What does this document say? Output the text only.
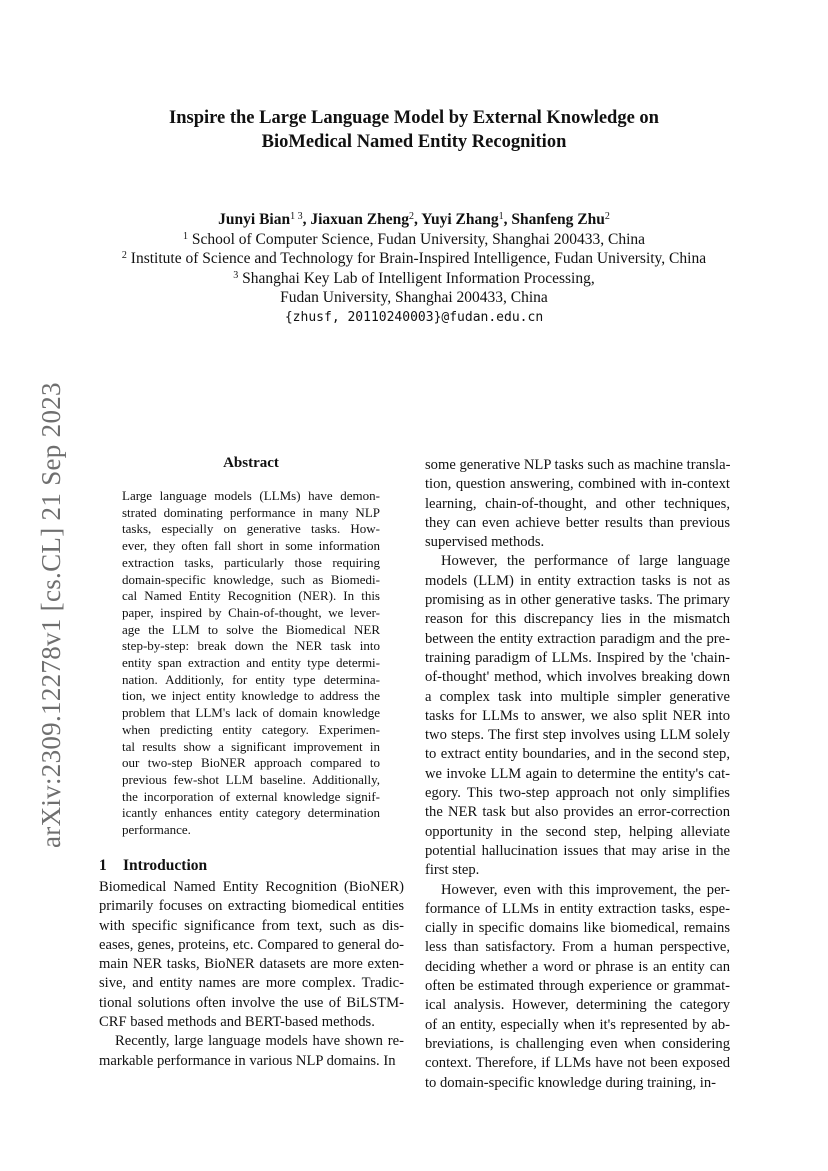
Inspire the Large Language Model by External Knowledge on
BioMedical Named Entity Recognition
Junyi Bian$^{1 3}$, Jiaxuan Zheng$^2$, Yuyi Zhang$^1$, Shanfeng Zhu$^2$
$^1$ School of Computer Science, Fudan University, Shanghai 200433, China
$^2$ Institute of Science and Technology for Brain-Inspired Intelligence, Fudan University, China
$^3$ Shanghai Key Lab of Intelligent Information Processing,
Fudan University, Shanghai 200433, China
{zhusf, 20110240003}@fudan.edu.cn
arXiv:2309.12278v1 [cs.CL] 21 Sep 2023	Abstract
Large language models (LLMs) have demon-
strated dominating performance in many NLP
tasks, especially on generative tasks. How-
ever, they often fall short in some information
extraction tasks, particularly those requiring
domain-specific knowledge, such as Biomedi-
cal Named Entity Recognition (NER). In this
paper, inspired by Chain-of-thought, we lever-
age the LLM to solve the Biomedical NER
step-by-step: break down the NER task into
entity span extraction and entity type determi-
nation. Additionly, for entity type determina-
tion, we inject entity knowledge to address the
problem that LLM's lack of domain knowledge
when predicting entity category. Experimen-
tal results show a significant improvement in
our two-step BioNER approach compared to
previous few-shot LLM baseline. Additionally,
the incorporation of external knowledge signif-
icantly enhances entity category determination
performance.
1 Introduction
Biomedical Named Entity Recognition (BioNER)
primarily focuses on extracting biomedical entities
with specific significance from text, such as dis-
eases, genes, proteins, etc. Compared to general do-
main NER tasks, BioNER datasets are more exten-
sive, and entity names are more complex. Tradic-
tional solutions often involve the use of BiLSTM-
CRF based methods and BERT-based methods.
Recently, large language models have shown re-
markable performance in various NLP domains. In
some generative NLP tasks such as machine transla-
tion, question answering, combined with in-context
learning, chain-of-thought, and other techniques,
they can even achieve better results than previous
supervised methods.
However, the performance of large language
models (LLM) in entity extraction tasks is not as
promising as in other generative tasks. The primary
reason for this discrepancy lies in the mismatch
between the entity extraction paradigm and the pre-
training paradigm of LLMs. Inspired by the 'chain-
of-thought' method, which involves breaking down
a complex task into multiple simpler generative
tasks for LLMs to answer, we also split NER into
two steps. The first step involves using LLM solely
to extract entity boundaries, and in the second step,
we invoke LLM again to determine the entity's cat-
egory. This two-step approach not only simplifies
the NER task but also provides an error-correction
opportunity in the second step, helping alleviate
potential hallucination issues that may arise in the
first step.
However, even with this improvement, the per-
formance of LLMs in entity extraction tasks, espe-
cially in specific domains like biomedical, remains
less than satisfactory. From a human perspective,
deciding whether a word or phrase is an entity can
often be estimated through experience or grammat-
ical analysis. However, determining the category
of an entity, especially when it's represented by ab-
breviations, is challenging even when considering
context. Therefore, if LLMs have not been exposed
to domain-specific knowledge during training, in-
